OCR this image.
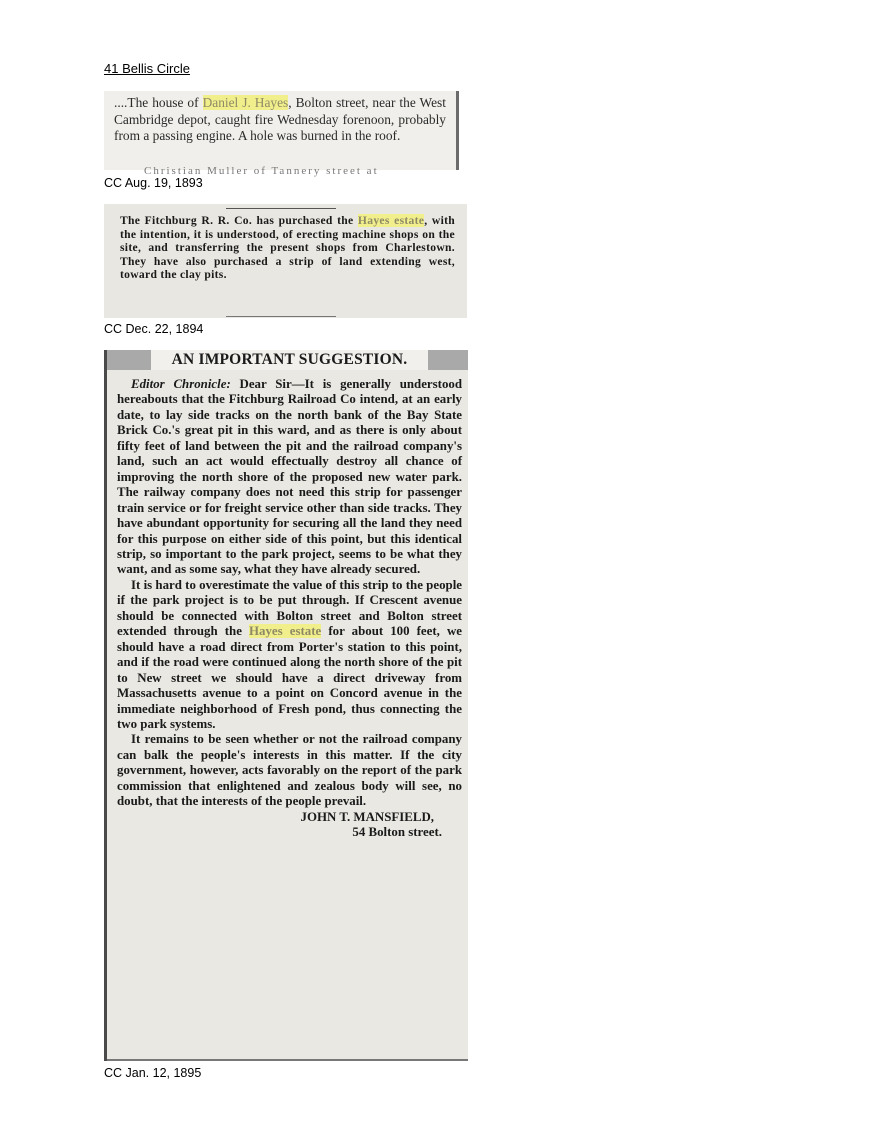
41 Bellis Circle
....The house of Daniel J. Hayes, Bolton street, near the West Cambridge depot, caught fire Wednesday forenoon, probably from a passing engine. A hole was burned in the roof.
Christian Muller of Tannery street at
CC Aug. 19, 1893
The Fitchburg R. R. Co. has purchased the Hayes estate, with the intention, it is understood, of erecting machine shops on the site, and transferring the present shops from Charlestown. They have also purchased a strip of land extending west, toward the clay pits.
CC Dec. 22, 1894
AN IMPORTANT SUGGESTION.

Editor Chronicle: Dear Sir—It is generally understood hereabouts that the Fitchburg Railroad Co intend, at an early date, to lay side tracks on the north bank of the Bay State Brick Co.'s great pit in this ward, and as there is only about fifty feet of land between the pit and the railroad company's land, such an act would effectually destroy all chance of improving the north shore of the proposed new water park. The railway company does not need this strip for passenger train service or for freight service other than side tracks. They have abundant opportunity for securing all the land they need for this purpose on either side of this point, but this identical strip, so important to the park project, seems to be what they want, and as some say, what they have already secured.

It is hard to overestimate the value of this strip to the people if the park project is to be put through. If Crescent avenue should be connected with Bolton street and Bolton street extended through the Hayes estate for about 100 feet, we should have a road direct from Porter's station to this point, and if the road were continued along the north shore of the pit to New street we should have a direct driveway from Massachusetts avenue to a point on Concord avenue in the immediate neighborhood of Fresh pond, thus connecting the two park systems.

It remains to be seen whether or not the railroad company can balk the people's interests in this matter. If the city government, however, acts favorably on the report of the park commission that enlightened and zealous body will see, no doubt, that the interests of the people prevail.

JOHN T. MANSFIELD,

54 Bolton street.

CC Jan. 12, 1895
